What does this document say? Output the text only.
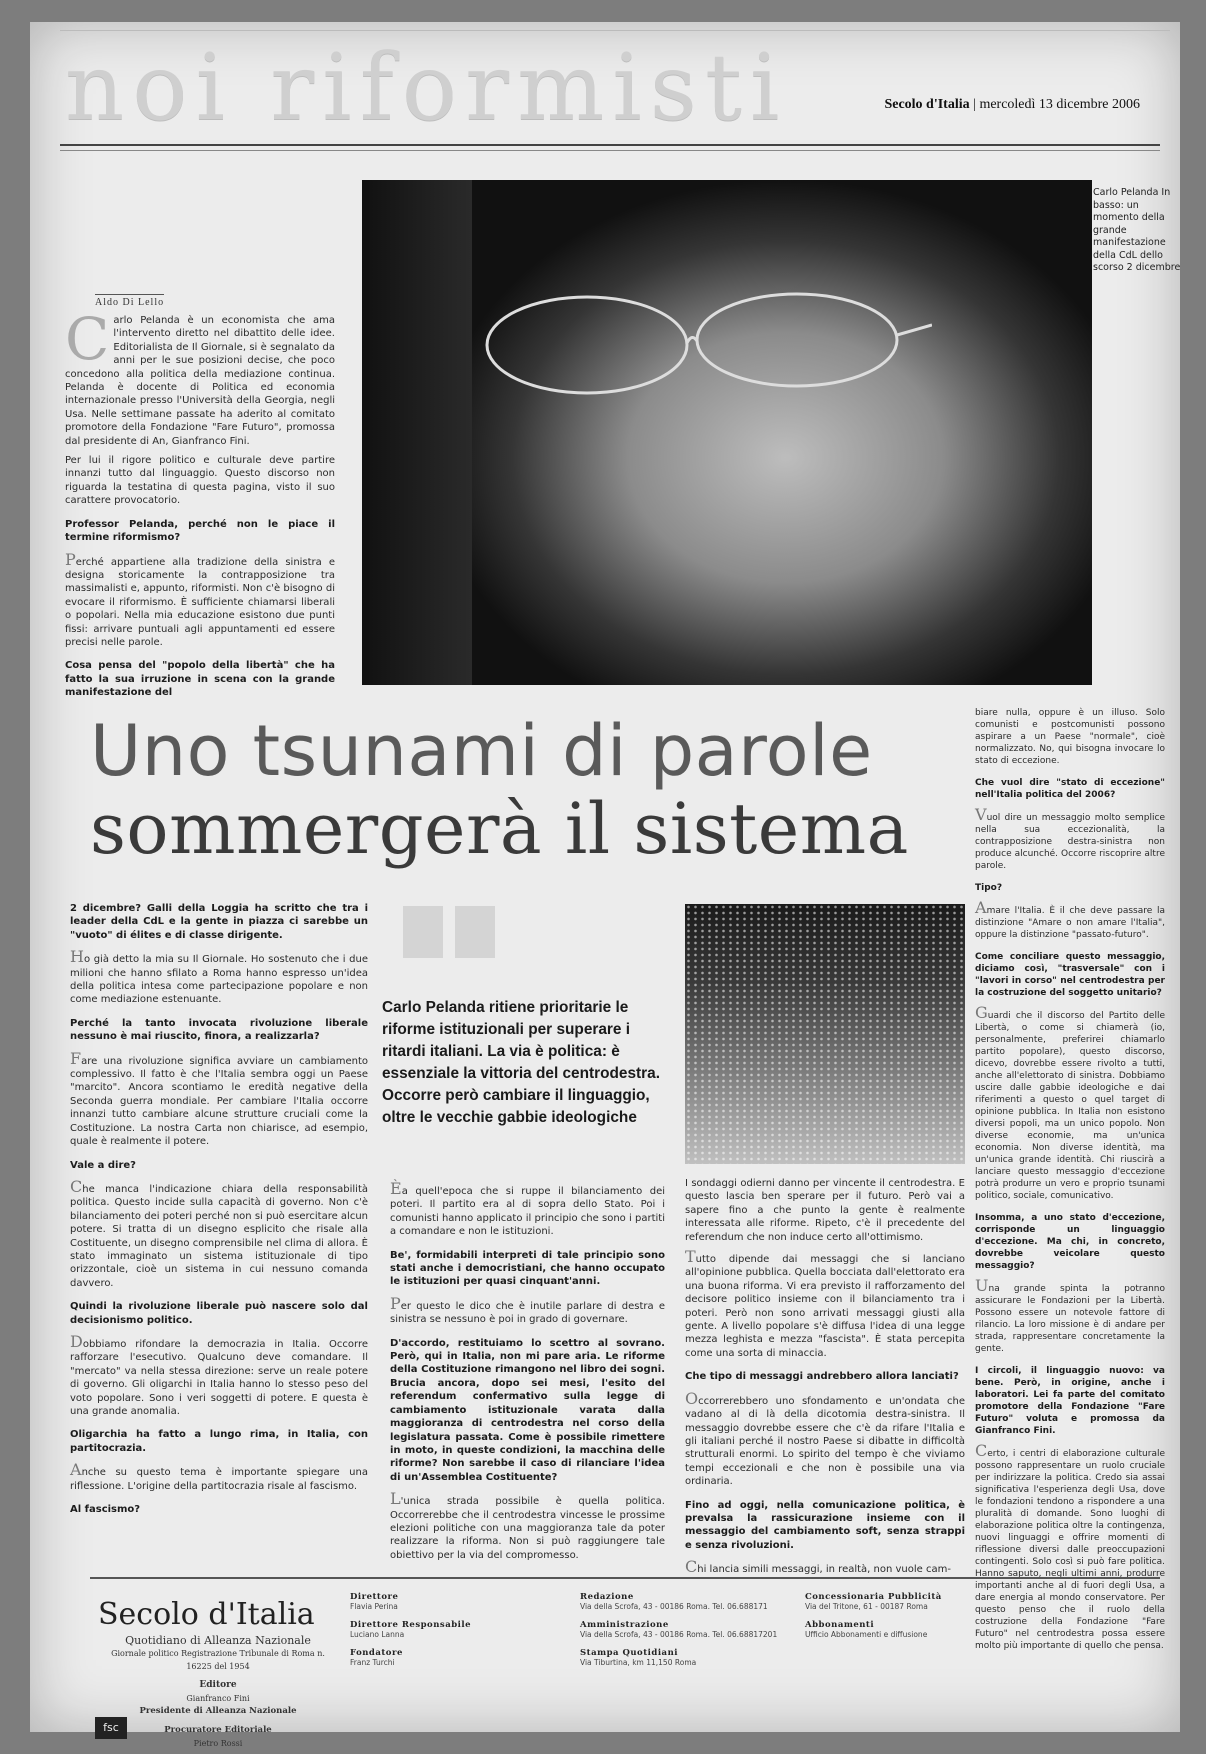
noi riformisti	Secolo d'Italia | mercoledì 13 dicembre 2006
Carlo Pelanda In basso: un momento della grande manifestazione della CdL dello scorso 2 dicembre
Aldo Di Lello

Carlo Pelanda è un economista che ama l'intervento diretto nel dibattito delle idee. Editorialista de Il Giornale, si è segnalato da anni per le sue posizioni decise, che poco concedono alla politica della mediazione continua. Pelanda è docente di Politica ed economia internazionale presso l'Università della Georgia, negli Usa. Nelle settimane passate ha aderito al comitato promotore della Fondazione "Fare Futuro", promossa dal presidente di An, Gianfranco Fini.

Per lui il rigore politico e culturale deve partire innanzi tutto dal linguaggio. Questo discorso non riguarda la testatina di questa pagina, visto il suo carattere provocatorio.

Professor Pelanda, perché non le piace il termine riformismo?

Perché appartiene alla tradizione della sinistra e designa storicamente la contrapposizione tra massimalisti e, appunto, riformisti. Non c'è bisogno di evocare il riformismo. È sufficiente chiamarsi liberali o popolari. Nella mia educazione esistono due punti fissi: arrivare puntuali agli appuntamenti ed essere precisi nelle parole.

Cosa pensa del "popolo della libertà" che ha fatto la sua irruzione in scena con la grande manifestazione del

Uno tsunami di parole
sommergerà il sistema

2 dicembre? Galli della Loggia ha scritto che tra i leader della CdL e la gente in piazza ci sarebbe un "vuoto" di élites e di classe dirigente.

Ho già detto la mia su Il Giornale. Ho sostenuto che i due milioni che hanno sfilato a Roma hanno espresso un'idea della politica intesa come partecipazione popolare e non come mediazione estenuante.

Perché la tanto invocata rivoluzione liberale nessuno è mai riuscito, finora, a realizzarla?

Fare una rivoluzione significa avviare un cambiamento complessivo. Il fatto è che l'Italia sembra oggi un Paese "marcito". Ancora scontiamo le eredità negative della Seconda guerra mondiale. Per cambiare l'Italia occorre innanzi tutto cambiare alcune strutture cruciali come la Costituzione. La nostra Carta non chiarisce, ad esempio, quale è realmente il potere.

Vale a dire?

Che manca l'indicazione chiara della responsabilità politica. Questo incide sulla capacità di governo. Non c'è bilanciamento dei poteri perché non si può esercitare alcun potere. Si tratta di un disegno esplicito che risale alla Costituente, un disegno comprensibile nel clima di allora. È stato immaginato un sistema istituzionale di tipo orizzontale, cioè un sistema in cui nessuno comanda davvero.

Quindi la rivoluzione liberale può nascere solo dal decisionismo politico.

Dobbiamo rifondare la democrazia in Italia. Occorre rafforzare l'esecutivo. Qualcuno deve comandare. Il "mercato" va nella stessa direzione: serve un reale potere di governo. Gli oligarchi in Italia hanno lo stesso peso del voto popolare. Sono i veri soggetti di potere. E questa è una grande anomalia.

Oligarchia ha fatto a lungo rima, in Italia, con partitocrazia.

Anche su questo tema è importante spiegare una riflessione. L'origine della partitocrazia risale al fascismo.

Al fascismo?

Carlo Pelanda ritiene prioritarie le riforme istituzionali per superare i ritardi italiani. La via è politica: è essenziale la vittoria del centrodestra. Occorre però cambiare il linguaggio, oltre le vecchie gabbie ideologiche

Èa quell'epoca che si ruppe il bilanciamento dei poteri. Il partito era al di sopra dello Stato. Poi i comunisti hanno applicato il principio che sono i partiti a comandare e non le istituzioni.

Be', formidabili interpreti di tale principio sono stati anche i democristiani, che hanno occupato le istituzioni per quasi cinquant'anni.

Per questo le dico che è inutile parlare di destra e sinistra se nessuno è poi in grado di governare.

D'accordo, restituiamo lo scettro al sovrano. Però, qui in Italia, non mi pare aria. Le riforme della Costituzione rimangono nel libro dei sogni. Brucia ancora, dopo sei mesi, l'esito del referendum confermativo sulla legge di cambiamento istituzionale varata dalla maggioranza di centrodestra nel corso della legislatura passata. Come è possibile rimettere in moto, in queste condizioni, la macchina delle riforme? Non sarebbe il caso di rilanciare l'idea di un'Assemblea Costituente?

L'unica strada possibile è quella politica. Occorrerebbe che il centrodestra vincesse le prossime elezioni politiche con una maggioranza tale da poter realizzare la riforma. Non si può raggiungere tale obiettivo per la via del compromesso.

I sondaggi odierni danno per vincente il centrodestra. E questo lascia ben sperare per il futuro. Però vai a sapere fino a che punto la gente è realmente interessata alle riforme. Ripeto, c'è il precedente del referendum che non induce certo all'ottimismo.

Tutto dipende dai messaggi che si lanciano all'opinione pubblica. Quella bocciata dall'elettorato era una buona riforma. Vi era previsto il rafforzamento del decisore politico insieme con il bilanciamento tra i poteri. Però non sono arrivati messaggi giusti alla gente. A livello popolare s'è diffusa l'idea di una legge mezza leghista e mezza "fascista". È stata percepita come una sorta di minaccia.

Che tipo di messaggi andrebbero allora lanciati?

Occorrerebbero uno sfondamento e un'ondata che vadano al di là della dicotomia destra-sinistra. Il messaggio dovrebbe essere che c'è da rifare l'Italia e gli italiani perché il nostro Paese si dibatte in difficoltà strutturali enormi. Lo spirito del tempo è che viviamo tempi eccezionali e che non è possibile una via ordinaria.

Fino ad oggi, nella comunicazione politica, è prevalsa la rassicurazione insieme con il messaggio del cambiamento soft, senza strappi e senza rivoluzioni.

Chi lancia simili messaggi, in realtà, non vuole cam-

biare nulla, oppure è un illuso. Solo comunisti e postcomunisti possono aspirare a un Paese "normale", cioè normalizzato. No, qui bisogna invocare lo stato di eccezione.

Che vuol dire "stato di eccezione" nell'Italia politica del 2006?

Vuol dire un messaggio molto semplice nella sua eccezionalità, la contrapposizione destra-sinistra non produce alcunché. Occorre riscoprire altre parole.

Tipo?

Amare l'Italia. È il che deve passare la distinzione "Amare o non amare l'Italia", oppure la distinzione "passato-futuro".

Come conciliare questo messaggio, diciamo così, "trasversale" con i "lavori in corso" nel centrodestra per la costruzione del soggetto unitario?

Guardi che il discorso del Partito delle Libertà, o come si chiamerà (io, personalmente, preferirei chiamarlo partito popolare), questo discorso, dicevo, dovrebbe essere rivolto a tutti, anche all'elettorato di sinistra. Dobbiamo uscire dalle gabbie ideologiche e dai riferimenti a questo o quel target di opinione pubblica. In Italia non esistono diversi popoli, ma un unico popolo. Non diverse economie, ma un'unica economia. Non diverse identità, ma un'unica grande identità. Chi riuscirà a lanciare questo messaggio d'eccezione potrà produrre un vero e proprio tsunami politico, sociale, comunicativo.

Insomma, a uno stato d'eccezione, corrisponde un linguaggio d'eccezione. Ma chi, in concreto, dovrebbe veicolare questo messaggio?

Una grande spinta la potranno assicurare le Fondazioni per la Libertà. Possono essere un notevole fattore di rilancio. La loro missione è di andare per strada, rappresentare concretamente la gente.

I circoli, il linguaggio nuovo: va bene. Però, in origine, anche i laboratori. Lei fa parte del comitato promotore della Fondazione "Fare Futuro" voluta e promossa da Gianfranco Fini.

Certo, i centri di elaborazione culturale possono rappresentare un ruolo cruciale per indirizzare la politica. Credo sia assai significativa l'esperienza degli Usa, dove le fondazioni tendono a rispondere a una pluralità di domande. Sono luoghi di elaborazione politica oltre la contingenza, nuovi linguaggi e offrire momenti di riflessione diversi dalle preoccupazioni contingenti. Solo così si può fare politica. Hanno saputo, negli ultimi anni, produrre importanti anche al di fuori degli Usa, a dare energia al mondo conservatore. Per questo penso che il ruolo della costruzione della Fondazione "Fare Futuro" nel centrodestra possa essere molto più importante di quello che pensa.

Secolo d'Italia
Quotidiano di Alleanza Nazionale
Giornale politico Registrazione Tribunale di Roma n. 16225 del 1954
Editore
Gianfranco Fini
Presidente di Alleanza Nazionale
Procuratore Editoriale
Pietro Rossi
fsc
Direttore
Flavia Perina
Direttore Responsabile
Luciano Lanna
Fondatore
Franz Turchi
Redazione
Via della Scrofa, 43 - 00186 Roma. Tel. 06.688171
Amministrazione
Via della Scrofa, 43 - 00186 Roma. Tel. 06.68817201
Stampa Quotidiani
Via Tiburtina, km 11,150 Roma
Concessionaria Pubblicità
Via del Tritone, 61 - 00187 Roma
Abbonamenti
Ufficio Abbonamenti e diffusione
